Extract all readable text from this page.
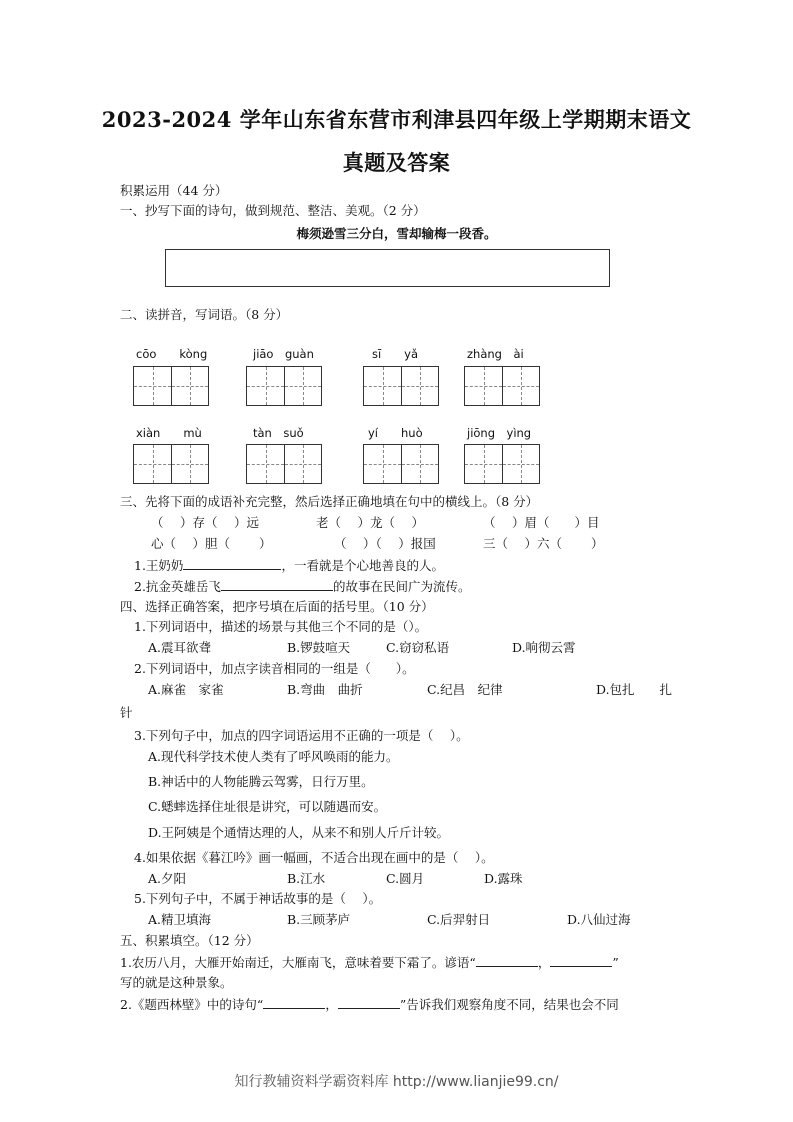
2023-2024 学年山东省东营市利津县四年级上学期期末语文
真题及答案
积累运用（44 分）
一、抄写下面的诗句，做到规范、整洁、美观。（2 分）
梅须逊雪三分白，雪却输梅一段香。
二、读拼音，写词语。（8 分）
cōo　　kòng	jiāo　guàn	sī　　yǎ	zhàng　ài
xiàn　　mù	tàn　suǒ	yí　　huò	jiōng　yìng
三、先将下面的成语补充完整，然后选择正确地填在句中的横线上。（8 分）
（　 ）存（　 ）远	老（　 ）龙（　 ）	（　 ）眉（　　）目
心（　 ）胆（　　 ）	（　 ）（　 ）报国	三（　 ）六（　　 ）
1.王奶奶	，一看就是个心地善良的人。
2.抗金英雄岳飞	的故事在民间广为流传。
四、选择正确答案，把序号填在后面的括号里。（10 分）
1.下列词语中，描述的场景与其他三个不同的是（）。
A.震耳欲聋	B.锣鼓喧天	C.窃窃私语	D.响彻云霄
2.下列词语中，加点字读音相同的一组是（　　）。
A.麻雀　家雀	B.弯曲　曲折	C.纪昌　纪律	D.包扎　　扎
针
3.下列句子中，加点的四字词语运用不正确的一项是（　 ）。
A.现代科学技术使人类有了呼风唤雨的能力。
B.神话中的人物能腾云驾雾，日行万里。
C.蟋蟀选择住址很是讲究，可以随遇而安。
D.王阿姨是个通情达理的人，从来不和别人斤斤计较。
4.如果依据《暮江吟》画一幅画，不适合出现在画中的是（　 ）。
A.夕阳	B.江水	C.圆月	D.露珠
5.下列句子中，不属于神话故事的是（　 ）。
A.精卫填海	B.三顾茅庐	C.后羿射日	D.八仙过海
五、积累填空。（12 分）
1.农历八月，大雁开始南迁，大雁南飞，意味着要下霜了。谚语“	，	”
写的就是这种景象。
2.《题西林壁》中的诗句“	，	”告诉我们观察角度不同，结果也会不同
知行教辅资料学霸资料库 http://www.lianjie99.cn/
